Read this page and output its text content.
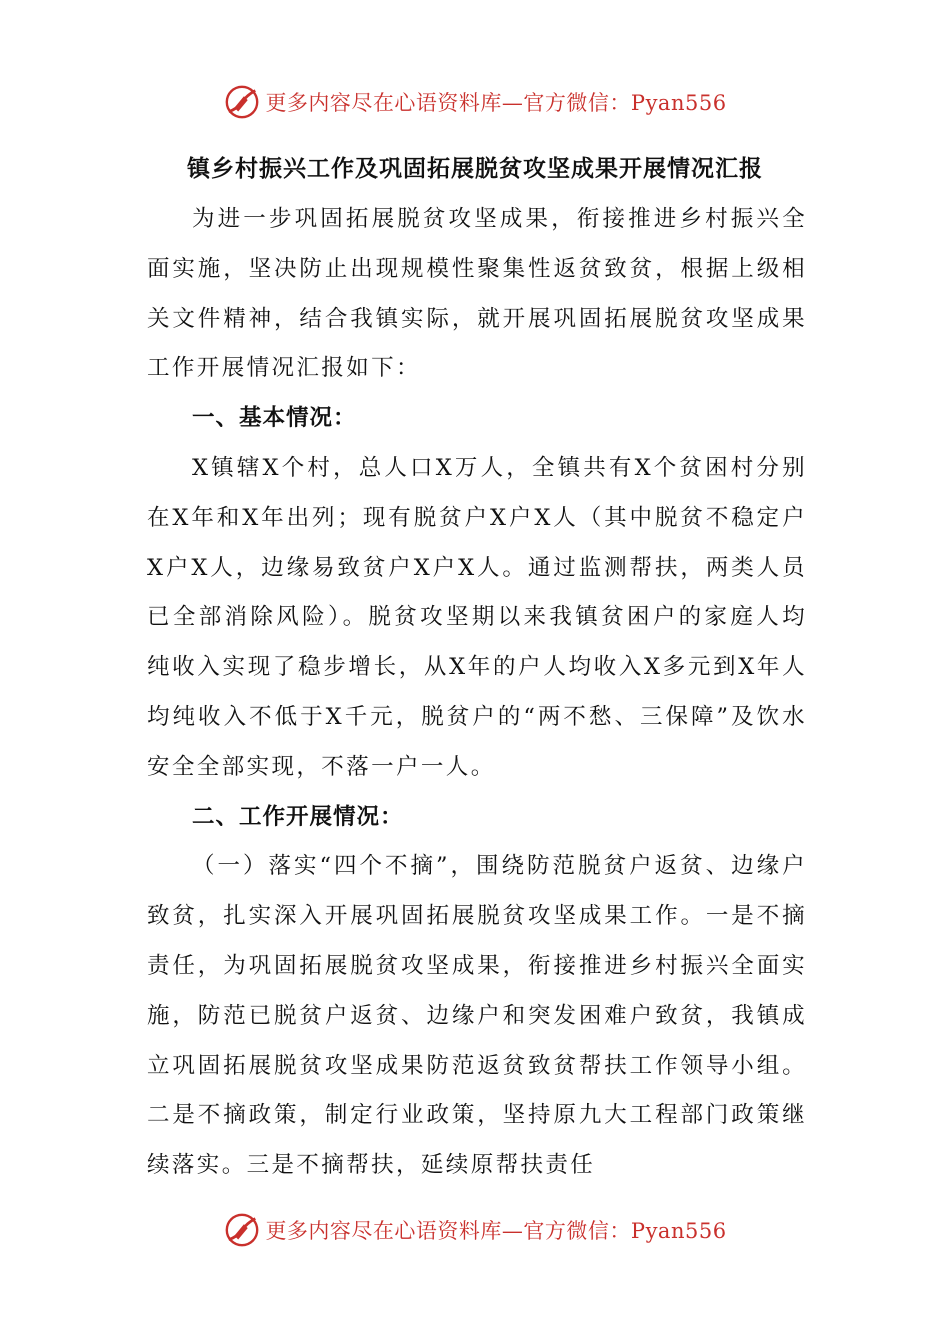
更多内容尽在心语资料库—官方微信：Pyan556
镇乡村振兴工作及巩固拓展脱贫攻坚成果开展情况汇报

为进一步巩固拓展脱贫攻坚成果，衔接推进乡村振兴全面实施，坚决防止出现规模性聚集性返贫致贫，根据上级相关文件精神，结合我镇实际，就开展巩固拓展脱贫攻坚成果工作开展情况汇报如下：

一、基本情况：

X镇辖X个村，总人口X万人，全镇共有X个贫困村分别在X年和X年出列；现有脱贫户X户X人（其中脱贫不稳定户X户X人，边缘易致贫户X户X人。通过监测帮扶，两类人员已全部消除风险）。脱贫攻坚期以来我镇贫困户的家庭人均纯收入实现了稳步增长，从X年的户人均收入X多元到X年人均纯收入不低于X千元，脱贫户的“两不愁、三保障”及饮水安全全部实现，不落一户一人。

二、工作开展情况：

（一）落实“四个不摘”，围绕防范脱贫户返贫、边缘户致贫，扎实深入开展巩固拓展脱贫攻坚成果工作。一是不摘责任，为巩固拓展脱贫攻坚成果，衔接推进乡村振兴全面实施，防范已脱贫户返贫、边缘户和突发困难户致贫，我镇成立巩固拓展脱贫攻坚成果防范返贫致贫帮扶工作领导小组。二是不摘政策，制定行业政策，坚持原九大工程部门政策继续落实。三是不摘帮扶，延续原帮扶责任

更多内容尽在心语资料库—官方微信：Pyan556
